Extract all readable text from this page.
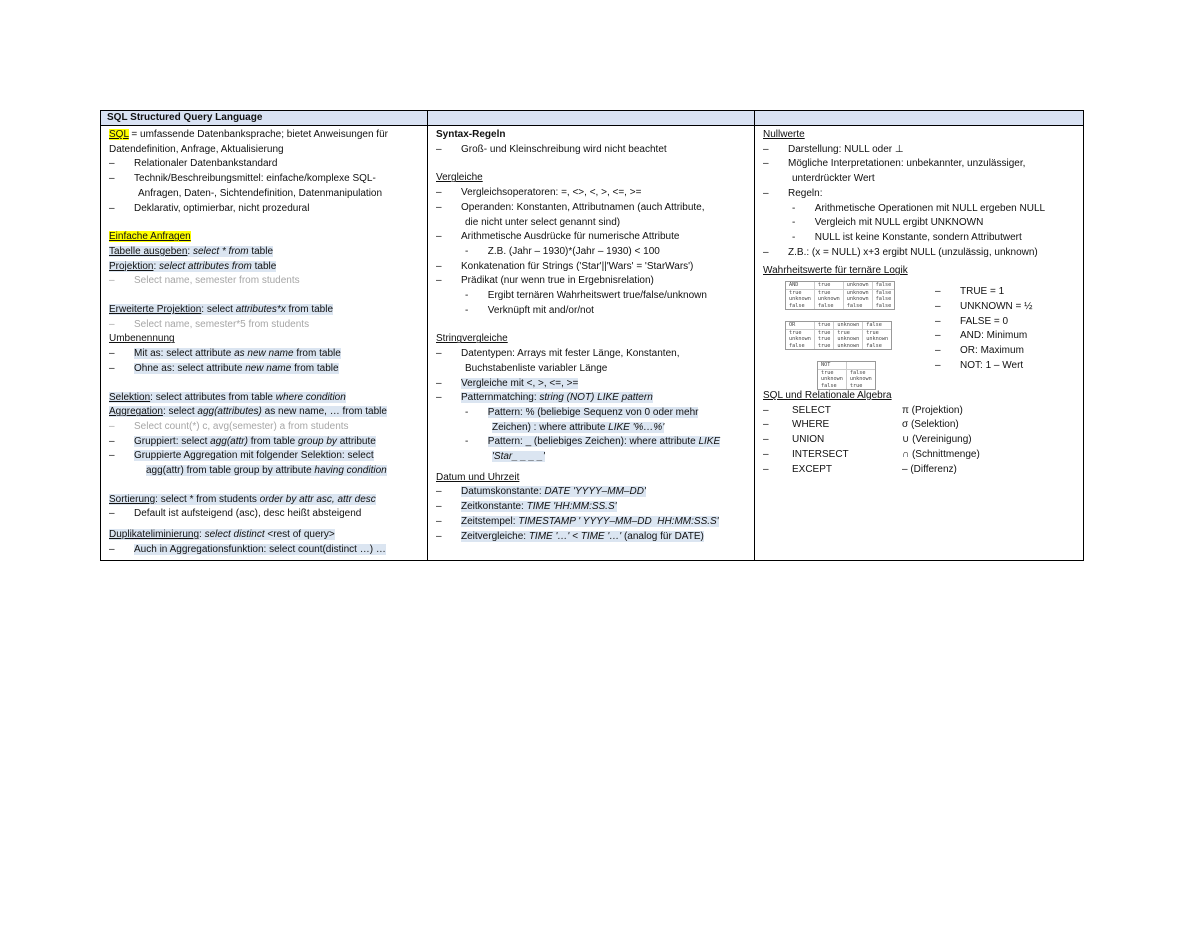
SQL Structured Query Language
SQL = umfassende Datenbanksprache; bietet Anweisungen für
Datendefinition, Anfrage, Aktualisierung
–       Relationaler Datenbankstandard
–       Technik/Beschreibungsmittel: einfache/komplexe SQL-
Anfragen, Daten-, Sichtendefinition, Datenmanipulation
–       Deklarativ, optimierbar, nicht prozedural
Einfache Anfragen
Tabelle ausgeben: select * from table
Projektion: select attributes from table
–       Select name, semester from students
Erweiterte Projektion: select attributes*x from table
–       Select name, semester*5 from students
Umbenennung
–       Mit as: select attribute as new name from table
–       Ohne as: select attribute new name from table
Selektion: select attributes from table where condition
Aggregation: select agg(attributes) as new name, … from table
–       Select count(*) c, avg(semester) a from students
–       Gruppiert: select agg(attr) from table group by attribute
–       Gruppierte Aggregation mit folgender Selektion: select
agg(attr) from table group by attribute having condition
Sortierung: select * from students order by attr asc, attr desc
–       Default ist aufsteigend (asc), desc heißt absteigend
Duplikateliminierung: select distinct <rest of query>
–       Auch in Aggregationsfunktion: select count(distinct …) …
Syntax-Regeln
–       Groß- und Kleinschreibung wird nicht beachtet
Vergleiche
–       Vergleichsoperatoren: =, <>, <, >, <=, >=
–       Operanden: Konstanten, Attributnamen (auch Attribute,
die nicht unter select genannt sind)
–       Arithmetische Ausdrücke für numerische Attribute
-       Z.B. (Jahr – 1930)*(Jahr – 1930) < 100
–       Konkatenation für Strings ('Star'||'Wars' = 'StarWars')
–       Prädikat (nur wenn true in Ergebnisrelation)
-       Ergibt ternären Wahrheitswert true/false/unknown
-       Verknüpft mit and/or/not
Stringvergleiche
–       Datentypen: Arrays mit fester Länge, Konstanten,
Buchstabenliste variabler Länge
–       Vergleiche mit <, >, <=, >=
–       Patternmatching: string (NOT) LIKE pattern
-       Pattern: % (beliebige Sequenz von 0 oder mehr
Zeichen) : where attribute LIKE '%…%'
-       Pattern: _ (beliebiges Zeichen): where attribute LIKE
'Star_ _ _ _'
Datum und Uhrzeit
–       Datumskonstante: DATE 'YYYY–MM–DD'
–       Zeitkonstante: TIME 'HH:MM:SS.S'
–       Zeitstempel: TIMESTAMP ' YYYY–MM–DD  HH:MM:SS.S'
–       Zeitvergleiche: TIME '…' < TIME '…' (analog für DATE)
Nullwerte
–       Darstellung: NULL oder ⊥
–       Mögliche Interpretationen: unbekannter, unzulässiger,
unterdrückter Wert
–       Regeln:
-       Arithmetische Operationen mit NULL ergeben NULL
-       Vergleich mit NULL ergibt UNKNOWN
-       NULL ist keine Konstante, sondern Attributwert
–       Z.B.: (x = NULL) x+3 ergibt NULL (unzulässig, unknown)
Wahrheitswerte für ternäre Logik
AND	true	unknown	false
true	true	unknown	false
unknown	unknown	unknown	false
false	false	false	false
OR	true	unknown	false
true	true	true	true
unknown	true	unknown	unknown
false	true	unknown	false
NOT	
true	false
unknown	unknown
false	true
–       TRUE = 1
–       UNKNOWN = ½
–       FALSE = 0
–       AND: Minimum
–       OR: Maximum
–       NOT: 1 – Wert
SQL und Relationale Algebra
–	SELECT	π (Projektion)
–	WHERE	σ (Selektion)
–	UNION	∪ (Vereinigung)
–	INTERSECT	∩ (Schnittmenge)
–	EXCEPT	– (Differenz)
